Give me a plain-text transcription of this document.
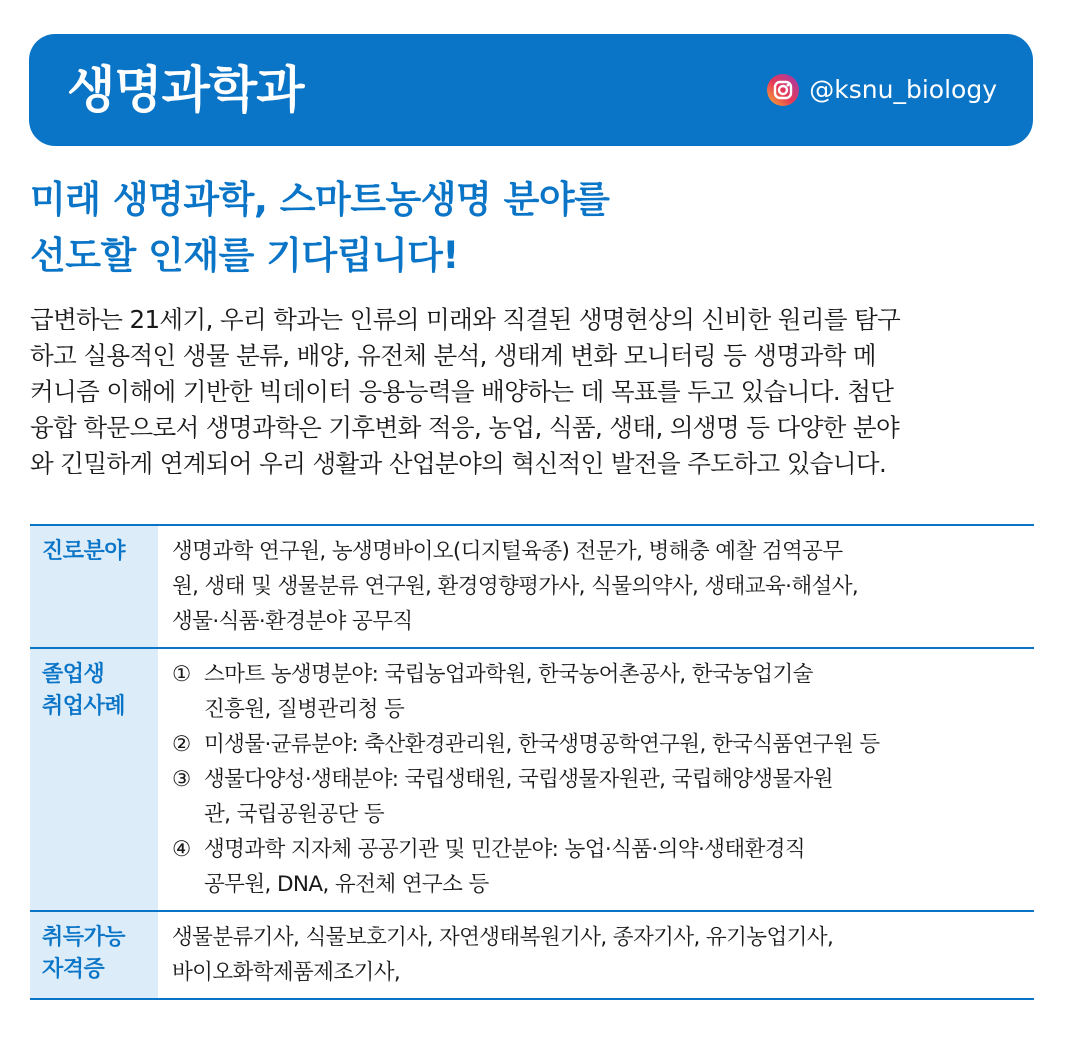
생명과학과	@ksnu_biology
미래 생명과학, 스마트농생명 분야를
선도할 인재를 기다립니다!
급변하는 21세기, 우리 학과는 인류의 미래와 직결된 생명현상의 신비한 원리를 탐구
하고 실용적인 생물 분류, 배양, 유전체 분석, 생태계 변화 모니터링 등 생명과학 메
커니즘 이해에 기반한 빅데이터 응용능력을 배양하는 데 목표를 두고 있습니다. 첨단
융합 학문으로서 생명과학은 기후변화 적응, 농업, 식품, 생태, 의생명 등 다양한 분야
와 긴밀하게 연계되어 우리 생활과 산업분야의 혁신적인 발전을 주도하고 있습니다.
진로분야	생명과학 연구원, 농생명바이오(디지털육종) 전문가, 병해충 예찰 검역공무
원, 생태 및 생물분류 연구원, 환경영향평가사, 식물의약사, 생태교육·해설사,
생물·식품·환경분야 공무직
졸업생
취업사례
① 스마트 농생명분야: 국립농업과학원, 한국농어촌공사, 한국농업기술
진흥원, 질병관리청 등
② 미생물·균류분야: 축산환경관리원, 한국생명공학연구원, 한국식품연구원 등
③ 생물다양성·생태분야: 국립생태원, 국립생물자원관, 국립해양생물자원
관, 국립공원공단 등
④ 생명과학 지자체 공공기관 및 민간분야: 농업·식품·의약·생태환경직
공무원, DNA, 유전체 연구소 등
취득가능
자격증
생물분류기사, 식물보호기사, 자연생태복원기사, 종자기사, 유기농업기사,
바이오화학제품제조기사,
